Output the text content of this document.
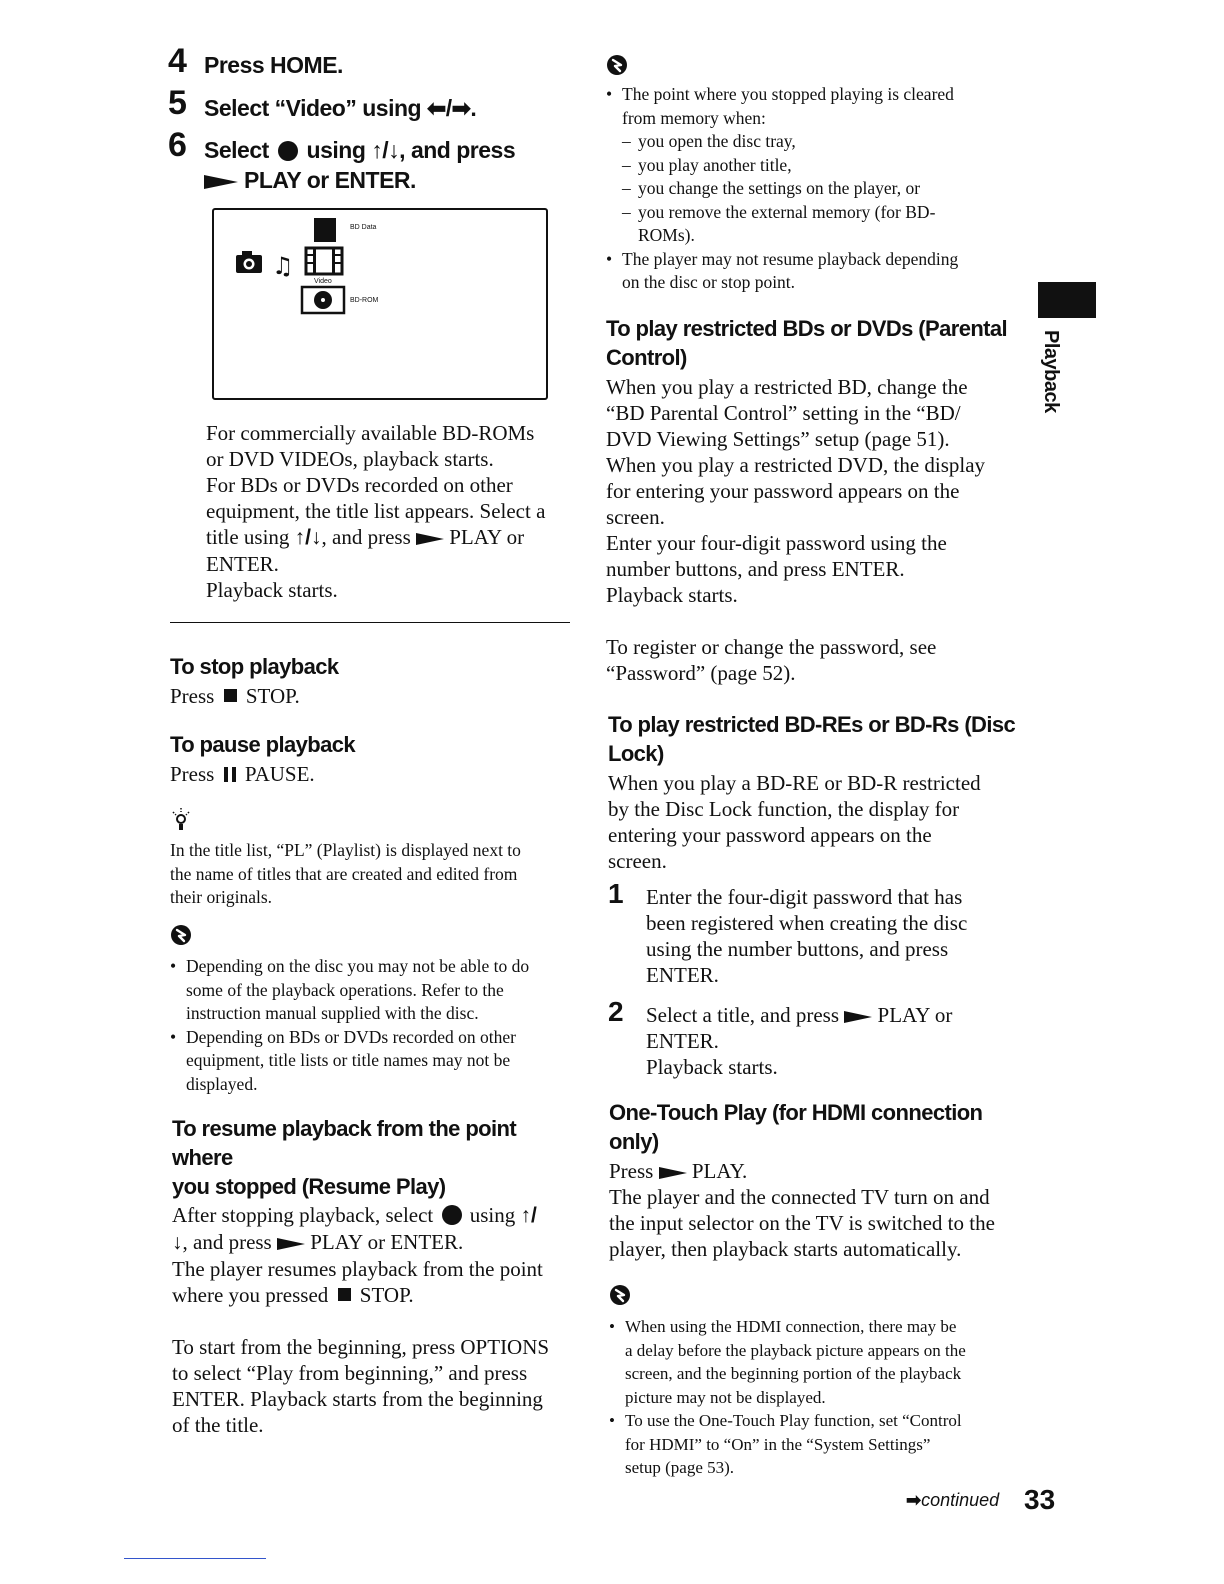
4 Press HOME.
5 Select “Video” using ⬅/➡.
6 Select  using ↑/↓, and press
PLAY or ENTER.
♫
BD Data
Video
BD-ROM

For commercially available BD-ROMs

or DVD VIDEOs, playback starts.

For BDs or DVDs recorded on other

equipment, the title list appears. Select a

title using ↑/↓, and press  PLAY or

ENTER.

Playback starts.

To stop playback

Press  STOP.

To pause playback

Press  PAUSE.

In the title list, “PL” (Playlist) is displayed next to

the name of titles that are created and edited from

their originals.

• Depending on the disc you may not be able to do
some of the playback operations. Refer to the
instruction manual supplied with the disc.
• Depending on BDs or DVDs recorded on other
equipment, title lists or title names may not be
displayed.

To resume playback from the point where

you stopped (Resume Play)

After stopping playback, select  using ↑/

↓, and press  PLAY or ENTER.

The player resumes playback from the point

where you pressed  STOP.

To start from the beginning, press OPTIONS

to select “Play from beginning,” and press

ENTER. Playback starts from the beginning

of the title.

• The point where you stopped playing is cleared
from memory when:
– you open the disc tray,
– you play another title,
– you change the settings on the player, or
– you remove the external memory (for BD-
ROMs).
• The player may not resume playback depending
on the disc or stop point.

To play restricted BDs or DVDs (Parental

Control)

When you play a restricted BD, change the

“BD Parental Control” setting in the “BD/

DVD Viewing Settings” setup (page 51).

When you play a restricted DVD, the display

for entering your password appears on the

screen.

Enter your four-digit password using the

number buttons, and press ENTER.

Playback starts.

To register or change the password, see

“Password” (page 52).

To play restricted BD-REs or BD-Rs (Disc

Lock)

When you play a BD-RE or BD-R restricted

by the Disc Lock function, the display for

entering your password appears on the

screen.

1 Enter the four-digit password that has

been registered when creating the disc

using the number buttons, and press

ENTER.

2 Select a title, and press  PLAY or

ENTER.

Playback starts.

One-Touch Play (for HDMI connection

only)

Press  PLAY.

The player and the connected TV turn on and

the input selector on the TV is switched to the

player, then playback starts automatically.

• When using the HDMI connection, there may be
a delay before the playback picture appears on the
screen, and the beginning portion of the playback
picture may not be displayed.
• To use the One-Touch Play function, set “Control
for HDMI” to “On” in the “System Settings”
setup (page 53).
Playback
➡continued 33
